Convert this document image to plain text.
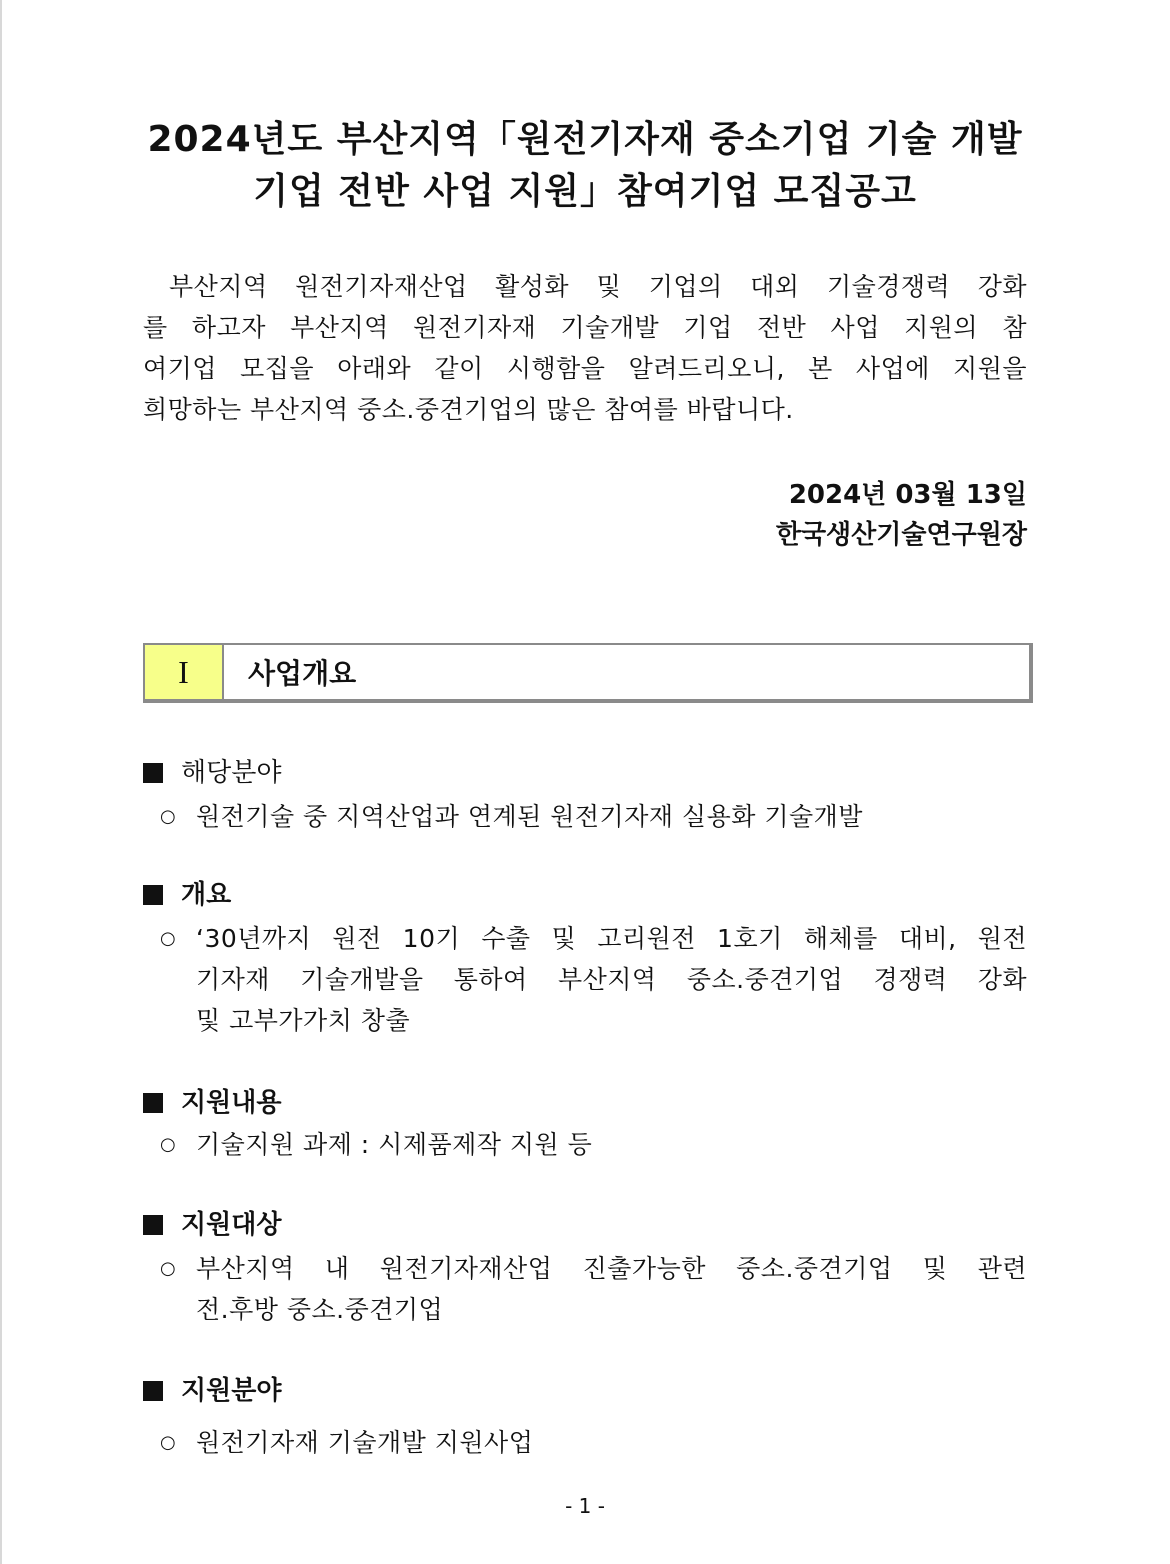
2024년도 부산지역「원전기자재 중소기업 기술 개발
기업 전반 사업 지원」참여기업 모집공고
부산지역 원전기자재산업 활성화 및 기업의 대외 기술경쟁력 강화
를 하고자 부산지역 원전기자재 기술개발 기업 전반 사업 지원의 참
여기업 모집을 아래와 같이 시행함을 알려드리오니, 본 사업에 지원을
희망하는 부산지역 중소.중견기업의 많은 참여를 바랍니다.
2024년 03월 13일
한국생산기술연구원장
I	사업개요
해당분야
○ 원전기술 중 지역산업과 연계된 원전기자재 실용화 기술개발
개요
○ ‘30년까지 원전 10기 수출 및 고리원전 1호기 해체를 대비, 원전
기자재 기술개발을 통하여 부산지역 중소.중견기업 경쟁력 강화
및 고부가가치 창출
지원내용
○ 기술지원 과제 : 시제품제작 지원 등
지원대상
○ 부산지역 내 원전기자재산업 진출가능한 중소.중견기업 및 관련
전.후방 중소.중견기업
지원분야
○ 원전기자재 기술개발 지원사업
- 1 -
